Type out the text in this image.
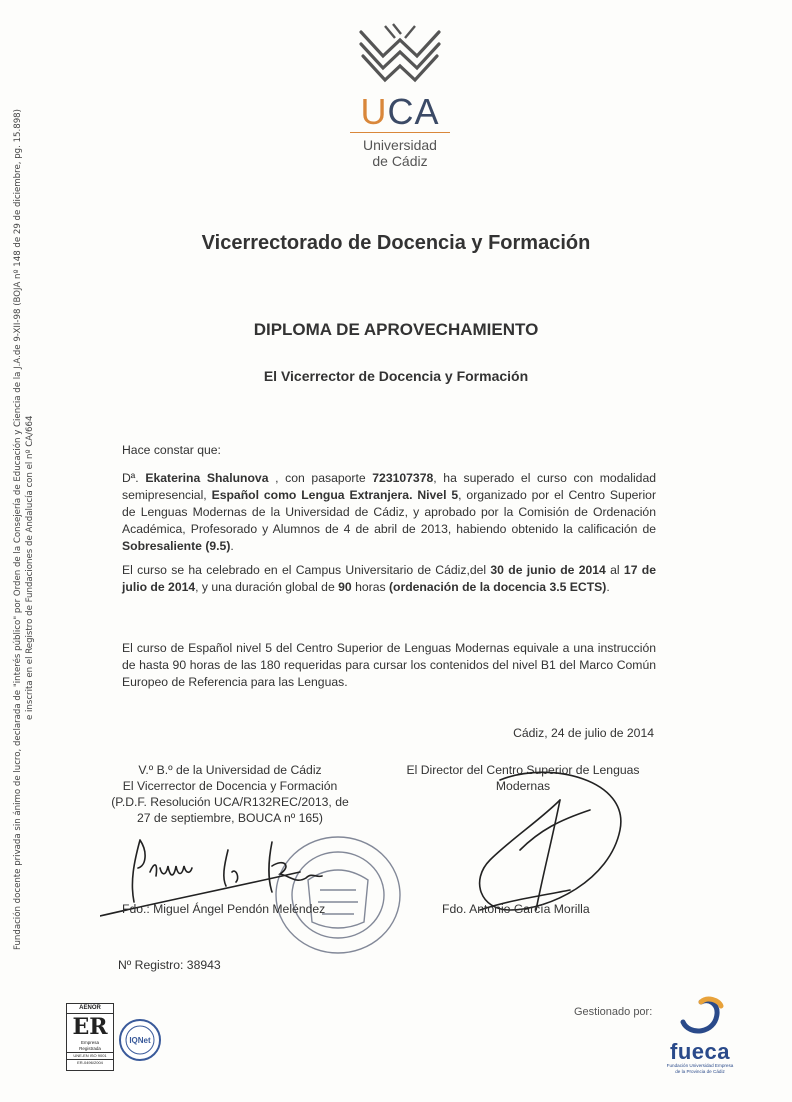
Fundación docente privada sin ánimo de lucro, declarada de "interés público" por Orden de la Consejería de Educación y Ciencia de la J.A.de 9-XII-98 (BOJA nº 148 de 29 de diciembre, pg. 15.898) e inscrita en el Registro de Fundaciones de Andalucía con el nº CA/664
UCA
Universidad
de Cádiz
Vicerrectorado de Docencia y Formación
DIPLOMA DE APROVECHAMIENTO
El Vicerrector de Docencia y Formación
Hace constar que:
Dª. Ekaterina Shalunova , con pasaporte 723107378, ha superado el curso con modalidad semipresencial, Español como Lengua Extranjera. Nivel 5, organizado por el Centro Superior de Lenguas Modernas de la Universidad de Cádiz, y aprobado por la Comisión de Ordenación Académica, Profesorado y Alumnos de 4 de abril de 2013, habiendo obtenido la calificación de Sobresaliente (9.5).
El curso se ha celebrado en el Campus Universitario de Cádiz,del 30 de junio de 2014 al 17 de julio de 2014, y una duración global de 90 horas (ordenación de la docencia 3.5 ECTS).
El curso de Español nivel 5 del Centro Superior de Lenguas Modernas equivale a una instrucción de hasta 90 horas de las 180 requeridas para cursar los contenidos del nivel B1 del Marco Común Europeo de Referencia para las Lenguas.
Cádiz, 24 de julio de 2014
V.º B.º de la Universidad de Cádiz
El Vicerrector de Docencia y Formación
(P.D.F. Resolución UCA/R132REC/2013, de
27 de septiembre, BOUCA nº 165)
El Director del Centro Superior de Lenguas
Modernas
Fdo.: Miguel Ángel Pendón Meléndez	Fdo. Antonio García Morilla
Nº Registro: 38943
AENOR
ER
Empresa
Registrada
UNE-EN ISO 9001
ER-0496/2004
IQNet
Gestionado por:
fueca
Fundación Universidad Empresa
de la Provincia de Cádiz
